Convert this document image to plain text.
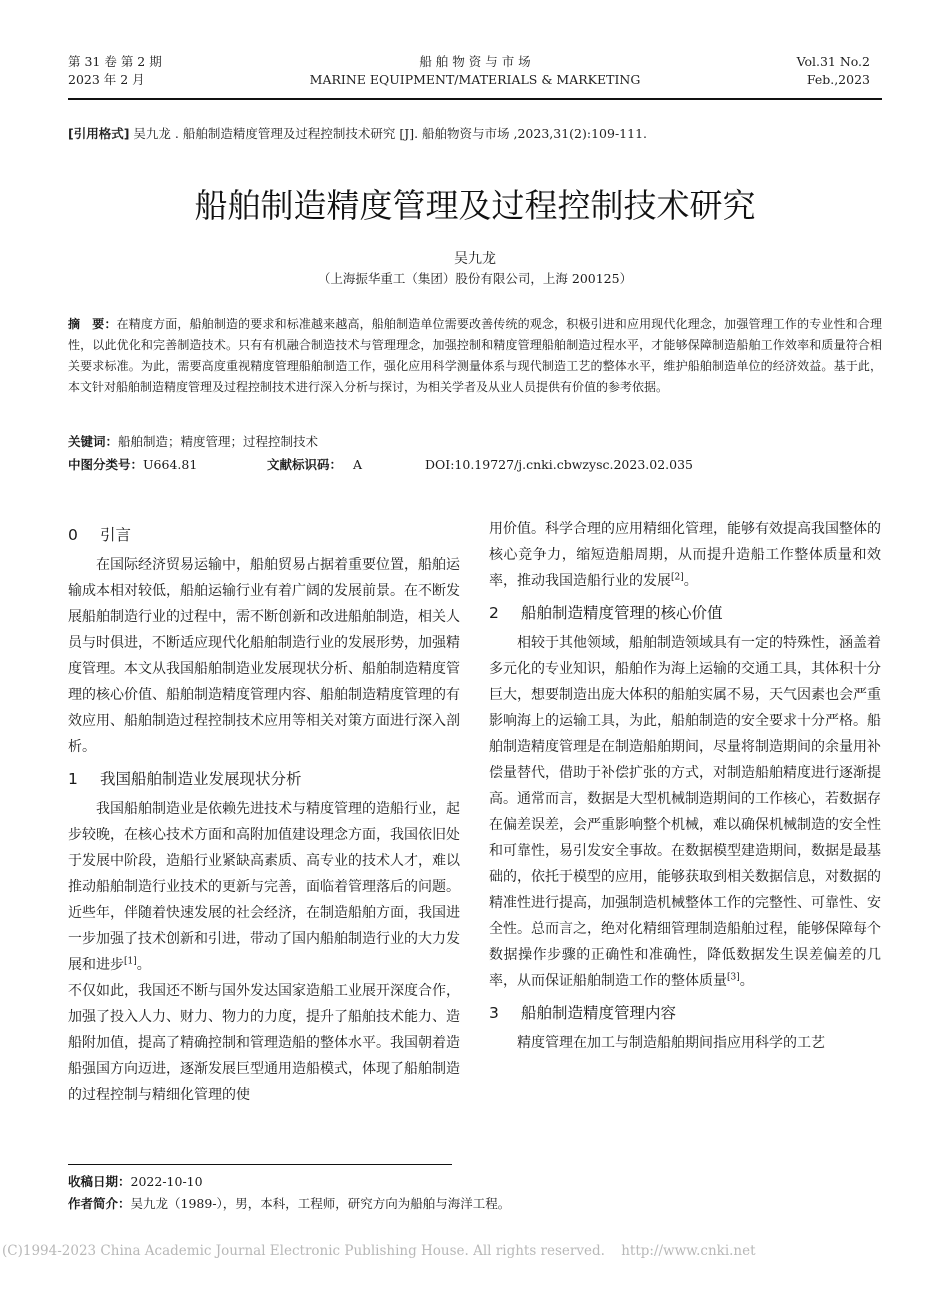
第 31 卷 第 2 期
2023 年 2 月
船 舶 物 资 与 市 场
MARINE EQUIPMENT/MATERIALS & MARKETING
Vol.31 No.2
Feb.,2023
[引用格式] 吴九龙 . 船舶制造精度管理及过程控制技术研究 [J]. 船舶物资与市场 ,2023,31(2):109-111.
船舶制造精度管理及过程控制技术研究
吴九龙
（上海振华重工（集团）股份有限公司，上海 200125）
摘　要：在精度方面，船舶制造的要求和标准越来越高，船舶制造单位需要改善传统的观念，积极引进和应用现代化理念，加强管理工作的专业性和合理性，以此优化和完善制造技术。只有有机融合制造技术与管理理念，加强控制和精度管理船舶制造过程水平，才能够保障制造船舶工作效率和质量符合相关要求标准。为此，需要高度重视精度管理船舶制造工作，强化应用科学测量体系与现代制造工艺的整体水平，维护船舶制造单位的经济效益。基于此，本文针对船舶制造精度管理及过程控制技术进行深入分析与探讨，为相关学者及从业人员提供有价值的参考依据。
关键词：船舶制造；精度管理；过程控制技术
中图分类号：U664.81	文献标识码： A	DOI:10.19727/j.cnki.cbwzysc.2023.02.035
0 引言

在国际经济贸易运输中，船舶贸易占据着重要位置，船舶运输成本相对较低，船舶运输行业有着广阔的发展前景。在不断发展船舶制造行业的过程中，需不断创新和改进船舶制造，相关人员与时俱进，不断适应现代化船舶制造行业的发展形势，加强精度管理。本文从我国船舶制造业发展现状分析、船舶制造精度管理的核心价值、船舶制造精度管理内容、船舶制造精度管理的有效应用、船舶制造过程控制技术应用等相关对策方面进行深入剖析。

1 我国船舶制造业发展现状分析

我国船舶制造业是依赖先进技术与精度管理的造船行业，起步较晚，在核心技术方面和高附加值建设理念方面，我国依旧处于发展中阶段，造船行业紧缺高素质、高专业的技术人才，难以推动船舶制造行业技术的更新与完善，面临着管理落后的问题。近些年，伴随着快速发展的社会经济，在制造船舶方面，我国进一步加强了技术创新和引进，带动了国内船舶制造行业的大力发展和进步[1]。

不仅如此，我国还不断与国外发达国家造船工业展开深度合作，加强了投入人力、财力、物力的力度，提升了船舶技术能力、造船附加值，提高了精确控制和管理造船的整体水平。我国朝着造船强国方向迈进，逐渐发展巨型通用造船模式，体现了船舶制造的过程控制与精细化管理的使

用价值。科学合理的应用精细化管理，能够有效提高我国整体的核心竞争力，缩短造船周期，从而提升造船工作整体质量和效率，推动我国造船行业的发展[2]。

2 船舶制造精度管理的核心价值

相较于其他领域，船舶制造领域具有一定的特殊性，涵盖着多元化的专业知识，船舶作为海上运输的交通工具，其体积十分巨大，想要制造出庞大体积的船舶实属不易，天气因素也会严重影响海上的运输工具，为此，船舶制造的安全要求十分严格。船舶制造精度管理是在制造船舶期间，尽量将制造期间的余量用补偿量替代，借助于补偿扩张的方式，对制造船舶精度进行逐渐提高。通常而言，数据是大型机械制造期间的工作核心，若数据存在偏差误差，会严重影响整个机械，难以确保机械制造的安全性和可靠性，易引发安全事故。在数据模型建造期间，数据是最基础的，依托于模型的应用，能够获取到相关数据信息，对数据的精准性进行提高，加强制造机械整体工作的完整性、可靠性、安全性。总而言之，绝对化精细管理制造船舶过程，能够保障每个数据操作步骤的正确性和准确性，降低数据发生误差偏差的几率，从而保证船舶制造工作的整体质量[3]。

3 船舶制造精度管理内容

精度管理在加工与制造船舶期间指应用科学的工艺

收稿日期：2022-10-10
作者简介：吴九龙（1989-），男，本科，工程师，研究方向为船舶与海洋工程。
(C)1994-2023 China Academic Journal Electronic Publishing House. All rights reserved. http://www.cnki.net
